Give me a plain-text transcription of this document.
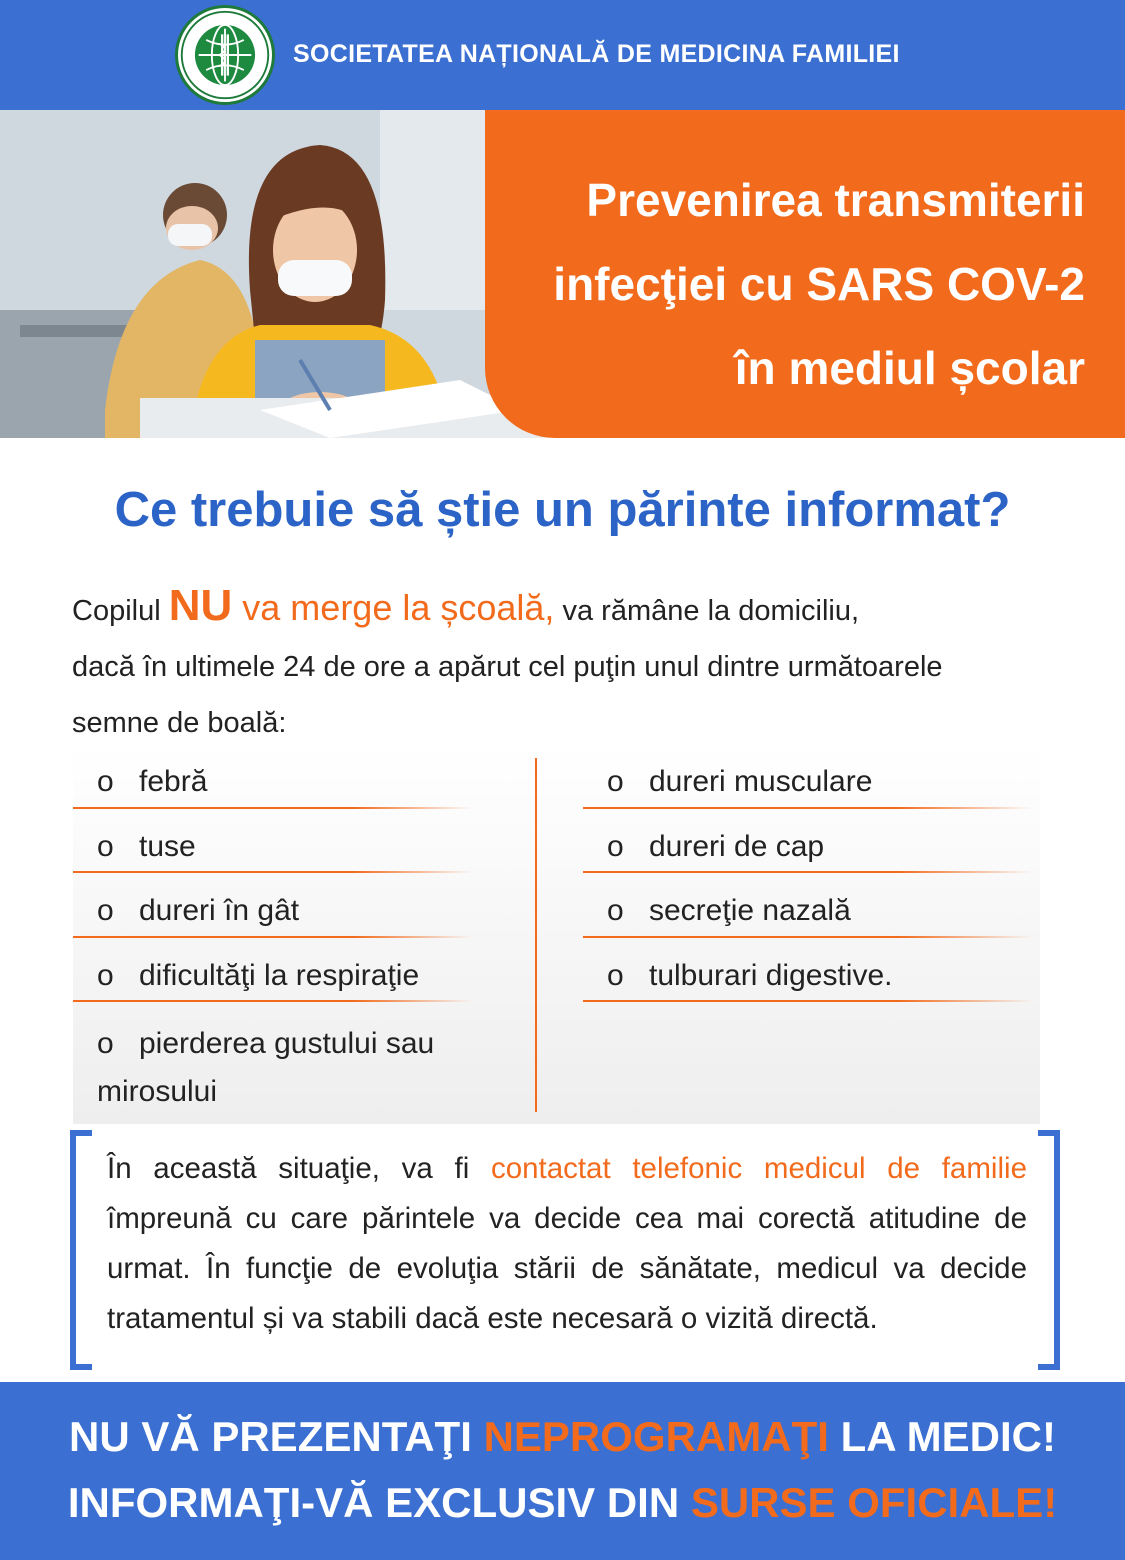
SOCIETATEA NAȚIONALĂ DE MEDICINA FAMILIEI
Prevenirea transmiterii
infecţiei cu SARS COV-2
în mediul școlar
Ce trebuie să știe un părinte informat?
Copilul NU va merge la școală, va rămâne la domiciliu,
dacă în ultimele 24 de ore a apărut cel puţin unul dintre următoarele
semne de boală:
o febră
o tuse
o dureri în gât
o dificultăţi la respiraţie
o pierderea gustului sau mirosului
o dureri musculare
o dureri de cap
o secreţie nazală
o tulburari digestive.

În această situaţie, va fi contactat telefonic medicul de familie împreună cu care părintele va decide cea mai corectă atitudine de urmat. În funcţie de evoluţia stării de sănătate, medicul va decide tratamentul și va stabili dacă este necesară o vizită directă.

NU VĂ PREZENTAŢI NEPROGRAMAŢI LA MEDIC!
INFORMAŢI-VĂ EXCLUSIV DIN SURSE OFICIALE!
